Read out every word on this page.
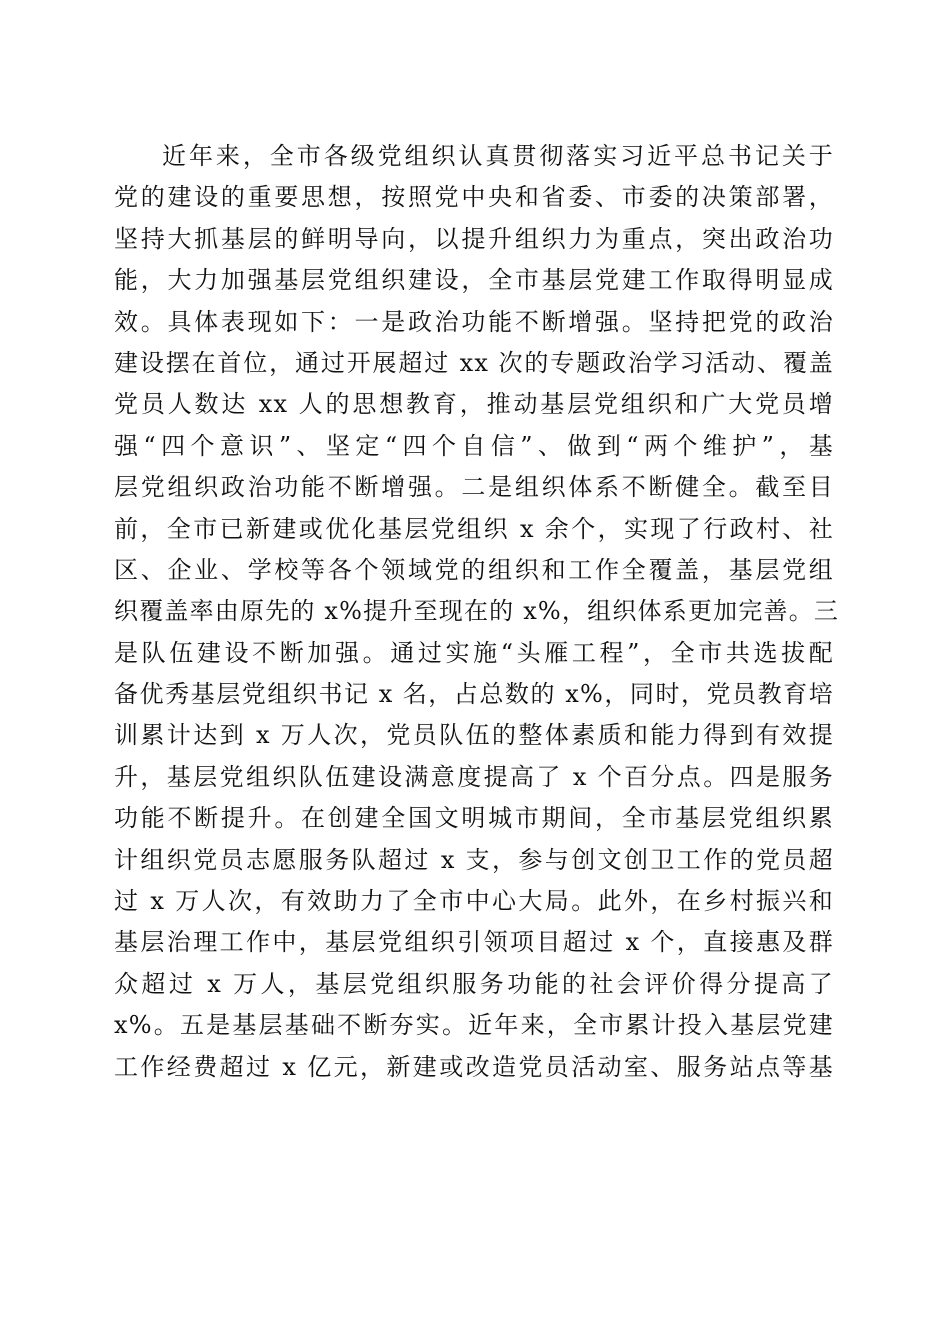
近年来，全市各级党组织认真贯彻落实习近平总书记关于
党的建设的重要思想，按照党中央和省委、市委的决策部署，
坚持大抓基层的鲜明导向，以提升组织力为重点，突出政治功
能，大力加强基层党组织建设，全市基层党建工作取得明显成
效。具体表现如下：一是政治功能不断增强。坚持把党的政治
建设摆在首位，通过开展超过 xx 次的专题政治学习活动、覆盖
党员人数达 xx 人的思想教育，推动基层党组织和广大党员增
强“四个意识”、坚定“四个自信”、做到“两个维护”，基
层党组织政治功能不断增强。二是组织体系不断健全。截至目
前，全市已新建或优化基层党组织 x 余个，实现了行政村、社
区、企业、学校等各个领域党的组织和工作全覆盖，基层党组
织覆盖率由原先的 x%提升至现在的 x%，组织体系更加完善。三
是队伍建设不断加强。通过实施“头雁工程”，全市共选拔配
备优秀基层党组织书记 x 名，占总数的 x%，同时，党员教育培
训累计达到 x 万人次，党员队伍的整体素质和能力得到有效提
升，基层党组织队伍建设满意度提高了 x 个百分点。四是服务
功能不断提升。在创建全国文明城市期间，全市基层党组织累
计组织党员志愿服务队超过 x 支，参与创文创卫工作的党员超
过 x 万人次，有效助力了全市中心大局。此外，在乡村振兴和
基层治理工作中，基层党组织引领项目超过 x 个，直接惠及群
众超过 x 万人，基层党组织服务功能的社会评价得分提高了
x%。五是基层基础不断夯实。近年来，全市累计投入基层党建
工作经费超过 x 亿元，新建或改造党员活动室、服务站点等基
